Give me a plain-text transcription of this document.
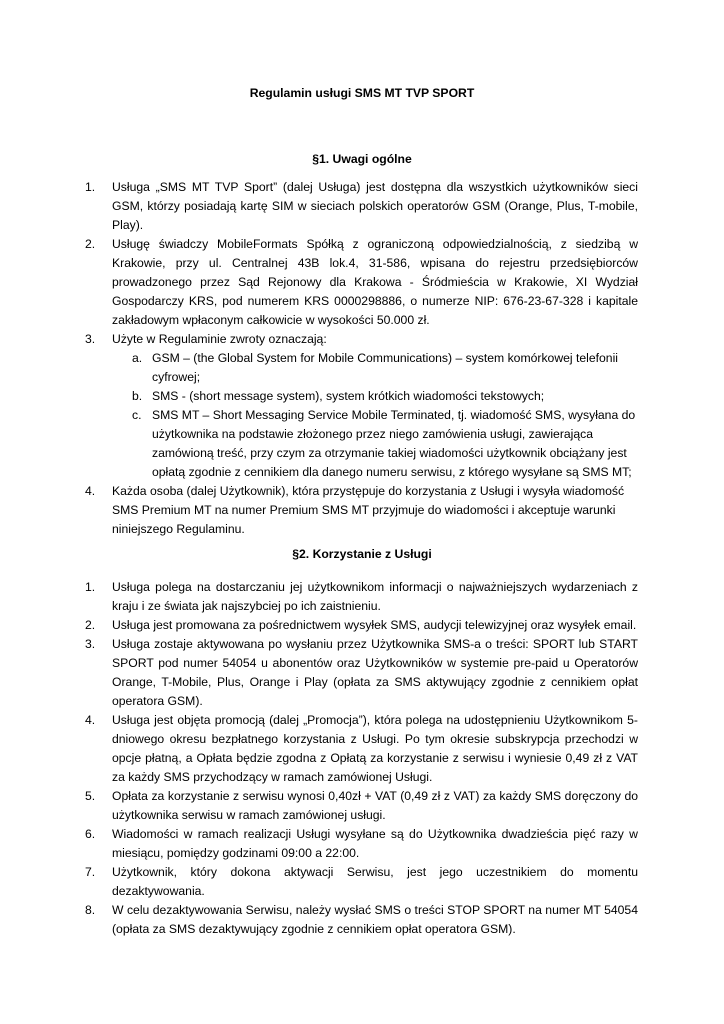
Regulamin usługi SMS MT TVP SPORT
§1. Uwagi ogólne
1. Usługa „SMS MT TVP Sport” (dalej Usługa) jest dostępna dla wszystkich użytkowników sieci GSM, którzy posiadają kartę SIM w sieciach polskich operatorów GSM (Orange, Plus, T-mobile, Play).
2. Usługę świadczy MobileFormats Spółką z ograniczoną odpowiedzialnością, z siedzibą w Krakowie, przy ul. Centralnej 43B lok.4, 31-586, wpisana do rejestru przedsiębiorców prowadzonego przez Sąd Rejonowy dla Krakowa - Śródmieścia w Krakowie, XI Wydział Gospodarczy KRS, pod numerem KRS 0000298886, o numerze NIP: 676-23-67-328 i kapitale zakładowym wpłaconym całkowicie w wysokości 50.000 zł.
3. Użyte w Regulaminie zwroty oznaczają:
a. GSM – (the Global System for Mobile Communications) – system komórkowej telefonii cyfrowej;
b. SMS - (short message system), system krótkich wiadomości tekstowych;
c. SMS MT – Short Messaging Service Mobile Terminated, tj. wiadomość SMS, wysyłana do użytkownika na podstawie złożonego przez niego zamówienia usługi, zawierająca zamówioną treść, przy czym za otrzymanie takiej wiadomości użytkownik obciążany jest opłatą zgodnie z cennikiem dla danego numeru serwisu, z którego wysyłane są SMS MT;
4. Każda osoba (dalej Użytkownik), która przystępuje do korzystania z Usługi i wysyła wiadomość SMS Premium MT na numer Premium SMS MT przyjmuje do wiadomości i akceptuje warunki niniejszego Regulaminu.
§2. Korzystanie z Usługi
1. Usługa polega na dostarczaniu jej użytkownikom informacji o najważniejszych wydarzeniach z kraju i ze świata jak najszybciej po ich zaistnieniu.
2. Usługa jest promowana za pośrednictwem wysyłek SMS, audycji telewizyjnej oraz wysyłek email.
3. Usługa zostaje aktywowana po wysłaniu przez Użytkownika SMS-a o treści: SPORT lub START SPORT pod numer 54054 u abonentów oraz Użytkowników w systemie pre-paid u Operatorów Orange, T-Mobile, Plus, Orange i Play (opłata za SMS aktywujący zgodnie z cennikiem opłat operatora GSM).
4. Usługa jest objęta promocją (dalej „Promocja”), która polega na udostępnieniu Użytkownikom 5-dniowego okresu bezpłatnego korzystania z Usługi. Po tym okresie subskrypcja przechodzi w opcje płatną, a Opłata będzie zgodna z Opłatą za korzystanie z serwisu i wyniesie 0,49 zł z VAT za każdy SMS przychodzący w ramach zamówionej Usługi.
5. Opłata za korzystanie z serwisu wynosi 0,40zł + VAT (0,49 zł z VAT) za każdy SMS doręczony do użytkownika serwisu w ramach zamówionej usługi.
6. Wiadomości w ramach realizacji Usługi wysyłane są do Użytkownika dwadzieścia pięć razy w miesiącu, pomiędzy godzinami 09:00 a 22:00.
7. Użytkownik, który dokona aktywacji Serwisu, jest jego uczestnikiem do momentu dezaktywowania.
8. W celu dezaktywowania Serwisu, należy wysłać SMS o treści STOP SPORT na numer MT 54054 (opłata za SMS dezaktywujący zgodnie z cennikiem opłat operatora GSM).
